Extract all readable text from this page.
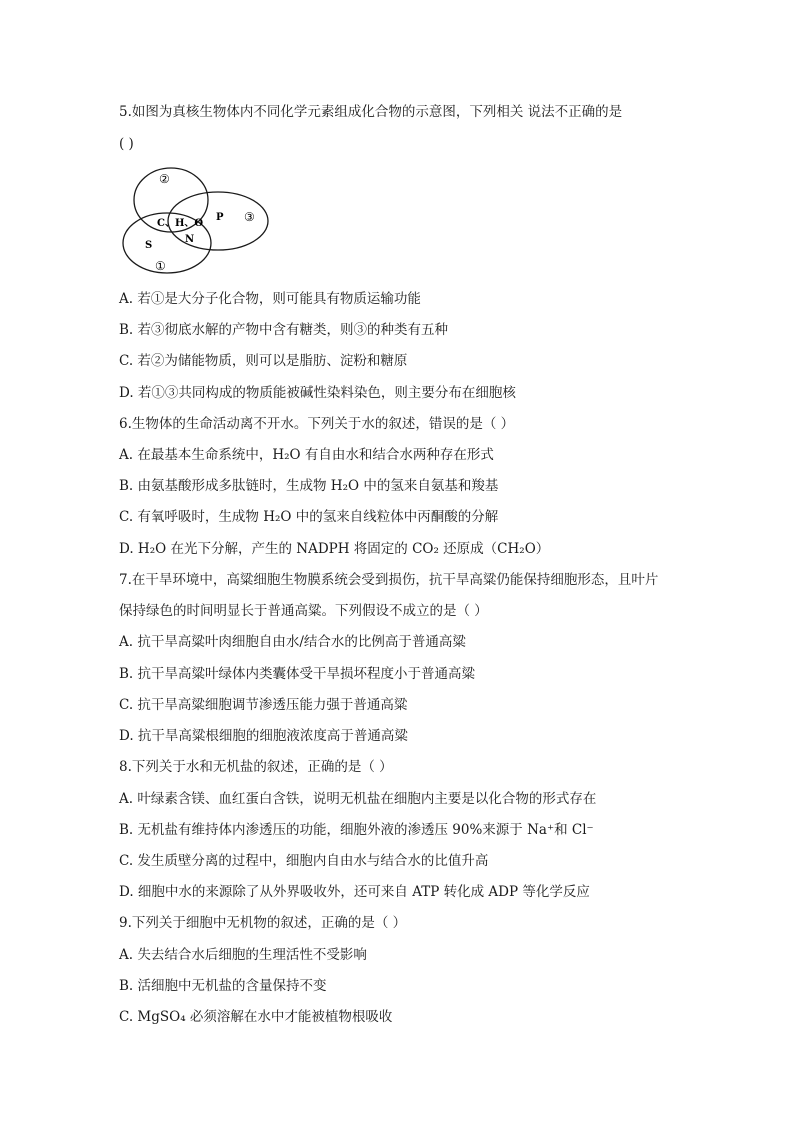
5.如图为真核生物体内不同化学元素组成化合物的示意图，下列相关 说法不正确的是
( )
②
C、H、O
P ③
N
S
①
A. 若①是大分子化合物，则可能具有物质运输功能
B. 若③彻底水解的产物中含有糖类，则③的种类有五种
C. 若②为储能物质，则可以是脂肪、淀粉和糖原
D. 若①③共同构成的物质能被碱性染料染色，则主要分布在细胞核
6.生物体的生命活动离不开水。下列关于水的叙述，错误的是（ ）
A. 在最基本生命系统中，H₂O 有自由水和结合水两种存在形式
B. 由氨基酸形成多肽链时，生成物 H₂O 中的氢来自氨基和羧基
C. 有氧呼吸时，生成物 H₂O 中的氢来自线粒体中丙酮酸的分解
D. H₂O 在光下分解，产生的 NADPH 将固定的 CO₂ 还原成（CH₂O）
7.在干旱环境中，高粱细胞生物膜系统会受到损伤，抗干旱高粱仍能保持细胞形态，且叶片
保持绿色的时间明显长于普通高粱。下列假设不成立的是（ ）
A. 抗干旱高粱叶肉细胞自由水/结合水的比例高于普通高粱
B. 抗干旱高粱叶绿体内类囊体受干旱损坏程度小于普通高粱
C. 抗干旱高粱细胞调节渗透压能力强于普通高粱
D. 抗干旱高粱根细胞的细胞液浓度高于普通高粱
8.下列关于水和无机盐的叙述，正确的是（ ）
A. 叶绿素含镁、血红蛋白含铁，说明无机盐在细胞内主要是以化合物的形式存在
B. 无机盐有维持体内渗透压的功能，细胞外液的渗透压 90%来源于 Na⁺和 Cl⁻
C. 发生质壁分离的过程中，细胞内自由水与结合水的比值升高
D. 细胞中水的来源除了从外界吸收外，还可来自 ATP 转化成 ADP 等化学反应
9.下列关于细胞中无机物的叙述，正确的是（ ）
A. 失去结合水后细胞的生理活性不受影响
B. 活细胞中无机盐的含量保持不变
C. MgSO₄ 必须溶解在水中才能被植物根吸收
